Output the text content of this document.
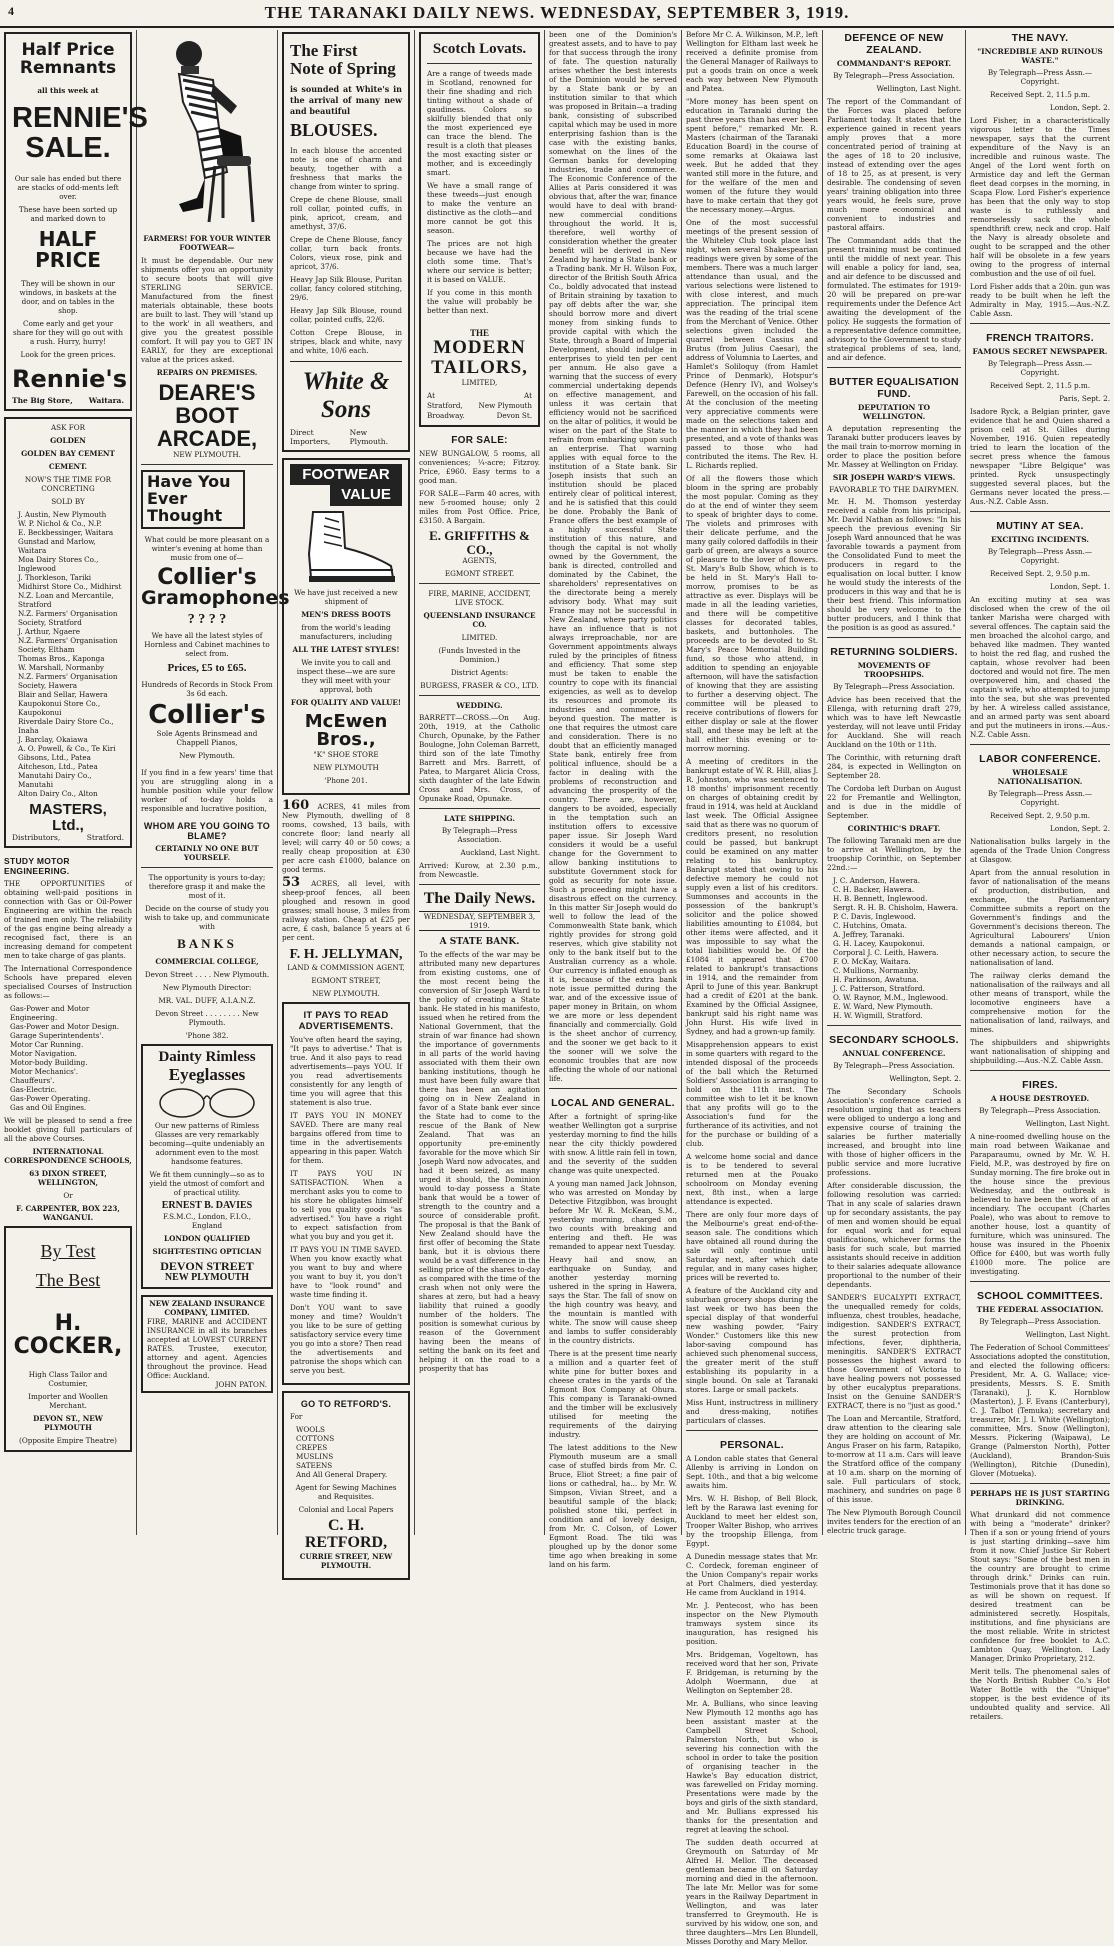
4	THE TARANAKI DAILY NEWS. WEDNESDAY, SEPTEMBER 3, 1919.
Half Price
Remnants
all this week at
RENNIE'S
SALE.

Our sale has ended but there are stacks of odd-ments left over.

These have been sorted up and marked down to

HALF PRICE

They will be shown in our windows, in baskets at the door, and on tables in the shop.

Come early and get your share for they will go out with a rush. Hurry, hurry!

Look for the green prices.

Rennie's
The Big Store, Waitara.
ASK FOR
GOLDEN
GOLDEN BAY CEMENT
CEMENT.
NOW'S THE TIME FOR CONCRETING
SOLD BY
J. Austin, New Plymouth
W. P. Nichol & Co., N.P.
E. Beckbessinger, Waitara
Gunstad and Marlow, Waitara
Moa Dairy Stores Co., Inglewood
J. Thorkleson, Tariki
Midhirst Store Co., Midhirst
N.Z. Loan and Mercantile, Stratford
N.Z. Farmers' Organisation Society, Stratford
J. Arthur, Ngaere
N.Z. Farmers' Organisation Society, Eltham
Thomas Bros., Kaponga
W. Marshall, Normanby
N.Z. Farmers' Organisation Society, Hawera
Blair and Sellar, Hawera
Kaupokonui Store Co., Kaupokonui
Riverdale Dairy Store Co., Inaha
J. Barclay, Okaiawa
A. O. Powell, & Co., Te Kiri
Gibsons, Ltd., Patea
Aitcheson, Ltd., Patea
Manutahi Dairy Co., Manutahi
Alton Dairy Co., Alton
MASTERS, Ltd.,
Distributors,	Stratford.
STUDY MOTOR ENGINEERING.

THE OPPORTUNITIES of obtaining well-paid positions in connection with Gas or Oil-Power Engineering are within the reach of trained men only. The reliability of the gas engine being already a recognised fact, there is an increasing demand for competent men to take charge of gas plants.

The International Correspondence Schools have prepared eleven specialised Courses of Instruction as follows:—

Gas-Power and Motor Engineering.
Gas-Power and Motor Design.
Garage Superintendents'.
Motor Car Running.
Motor Navigation.
Motor-body Building.
Motor Mechanics'.
Chauffeurs'.
Gas-Electric.
Gas-Power Operating.
Gas and Oil Engines.

We will be pleased to send a free booklet giving full particulars of all the above Courses.

INTERNATIONAL CORRESPONDENCE SCHOOLS,
63 DIXON STREET, WELLINGTON,
Or
F. CARPENTER, BOX 223, WANGANUI.
By Test
The Best
H. COCKER,
High Class Tailor and Costumier,
Importer and Woollen Merchant.
DEVON ST., NEW PLYMOUTH
(Opposite Empire Theatre)
FARMERS! FOR YOUR WINTER FOOTWEAR—

It must be dependable. Our new shipments offer you an opportunity to secure boots that will give STERLING SERVICE. Manufactured from the finest materials obtainable, these boots are built to last. They will 'stand up to the work' in all weathers, and give you the greatest possible comfort. It will pay you to GET IN EARLY, for they are exceptional value at the prices asked.

REPAIRS ON PREMISES.
DEARE'S
BOOT
ARCADE,
NEW PLYMOUTH.
Have You
Ever Thought

What could be more pleasant on a winter's evening at home than music from one of—

Collier's
Gramophones
? ? ? ?

We have all the latest styles of Hornless and Cabinet machines to select from.

Prices, £5 to £65.

Hundreds of Records in Stock From 3s 6d each.

Collier's

Sole Agents Brinsmead and Chappell Pianos,

New Plymouth.

If you find in a few years' time that you are struggling along in a humble position while your fellow worker of to-day holds a responsible and lucrative position,

WHOM ARE YOU GOING TO BLAME?
CERTAINLY NO ONE BUT YOURSELF.

The opportunity is yours to-day; therefore grasp it and make the most of it.

Decide on the course of study you wish to take up, and communicate with

BANKS
COMMERCIAL COLLEGE,
Devon Street . . . . New Plymouth.
New Plymouth Director:
MR. VAL. DUFF, A.I.A.N.Z.
Devon Street . . . . . . . . New Plymouth.
'Phone 382.
Dainty Rimless
Eyeglasses

Our new patterns of Rimless Glasses are very remarkably becoming—quite undeniably an adornment even to the most handsome features.

We fit them cunningly—so as to yield the utmost of comfort and of practical utility.

ERNEST B. DAVIES
F.S.M.C., London, F.I.O., England
LONDON QUALIFIED
SIGHT-TESTING OPTICIAN
DEVON STREET
NEW PLYMOUTH
NEW ZEALAND INSURANCE COMPANY, LIMITED.

FIRE, MARINE and ACCIDENT INSURANCE in all its branches accepted at LOWEST CURRENT RATES. Trustee, executor, attorney and agent. Agencies throughout the province. Head Office: Auckland.

JOHN PATON.
The First
Note of Spring

is sounded at White's in the arrival of many new and beautiful

BLOUSES.

In each blouse the accented note is one of charm and beauty, together with a freshness that marks the change from winter to spring.

Crepe de chene Blouse, small roll collar, pointed cuffs, in pink, apricot, cream, and amethyst, 37/6.
Crepe de Chene Blouse, fancy collar, turn back fronts. Colors, vieux rose, pink and apricot, 37/6.
Heavy Jap Silk Blouse, Puritan collar, fancy colored stitching, 29/6.
Heavy Jap Silk Blouse, round collar, pointed cuffs, 22/6.
Cotton Crepe Blouse, in stripes, black and white, navy and white, 10/6 each.
White & Sons
Direct Importers,
New Plymouth.
FOOTWEAR
VALUE

We have just received a new shipment of

MEN'S DRESS BOOTS

from the world's leading manufacturers, including

ALL THE LATEST STYLES!

We invite you to call and inspect these—we are sure they will meet with your approval, both

FOR QUALITY AND VALUE!
McEwen Bros.,
"K" SHOE STORE
NEW PLYMOUTH
'Phone 201.

160 ACRES, 41 miles from New Plymouth, dwelling of 8 rooms, cowshed, 13 bails, with concrete floor; land nearly all level; will carry 40 or 50 cows; a really cheap proposition at £30 per acre cash £1000, balance on good terms.

53 ACRES, all level, with sheep-proof fences, all been ploughed and resown in good grasses; small house, 3 miles from railway station. Cheap at £25 per acre, £ cash, balance 5 years at 6 per cent.

F. H. JELLYMAN,
LAND & COMMISSION AGENT,
EGMONT STREET,
NEW PLYMOUTH.
IT PAYS TO READ ADVERTISEMENTS.

You've often heard the saying, "It pays to advertise." That is true. And it also pays to read advertisements—pays YOU. If you read advertisements consistently for any length of time you will agree that this statement is also true.

IT PAYS YOU IN MONEY SAVED. There are many real bargains offered from time to time in the advertisements appearing in this paper. Watch for them.

IT PAYS YOU IN SATISFACTION. When a merchant asks you to come to his store he obligates himself to sell you quality goods "as advertised." You have a right to expect satisfaction from what you buy and you get it.

IT PAYS YOU IN TIME SAVED. When you know exactly what you want to buy and where you want to buy it, you don't have to "look round" and waste time finding it.

Don't YOU want to save money and time? Wouldn't you like to be sure of getting satisfactory service every time you go into a store? Then read the advertisements and patronise the shops which can serve you best.

GO TO RETFORD'S.
For
WOOLS
COTTONS
CREPES
MUSLINS
SATEENS
And All General Drapery.
Agent for Sewing Machines and Requisites.
Colonial and Local Papers
C. H. RETFORD,
CURRIE STREET, NEW PLYMOUTH.
Scotch Lovats.

Are a range of tweeds made in Scotland, renowned for their fine shading and rich tinting without a shade of gaudiness. Colors so skilfully blended that only the most experienced eye can trace the blend. The result is a cloth that pleases the most exacting sister or mother, and is exceedingly smart.

We have a small range of these tweeds—just enough to make the venture an distinctive as the cloth—and more cannot be got this season.

The prices are not high because we have had the cloth some time. That's where our service is better; it is based on VALUE.

If you come in this month the value will probably be better than next.

THE
MODERN
TAILORS,
LIMITED,
At
Stratford,
Broadway.
At
New Plymouth
Devon St.
FOR SALE:

NEW BUNGALOW, 5 rooms, all conveniences; ¼-acre; Fitzroy. Price, £960. Easy terms to a good man.

FOR SALE—Farm 40 acres, with new 5-roomed house; only 2 miles from Post Office. Price, £3150. A Bargain.

E. GRIFFITHS & CO.,
AGENTS,
EGMONT STREET.
FIRE, MARINE, ACCIDENT, LIVE STOCK.
QUEENSLAND INSURANCE CO.
LIMITED.
(Funds Invested in the Dominion.)
District Agents:
BURGESS, FRASER & CO., LTD.
WEDDING.

BARRETT—CROSS.—On Aug. 20th, 1919, at the Catholic Church, Opunake, by the Father Boulogne, John Coleman Barrett, third son of the late Timothy Barrett and Mrs. Barrett, of Patea, to Margaret Alicia Cross, sixth daughter of the late Edwin Cross and Mrs. Cross, of Opunake Road, Opunake.

LATE SHIPPING.
By Telegraph—Press Association.
Auckland, Last Night.

Arrived: Kurow, at 2.30 p.m., from Newcastle.

The Daily News.
WEDNESDAY, SEPTEMBER 3, 1919.
A STATE BANK.

To the effects of the war may be attributed many new departures from existing customs, one of the most recent being the conversion of Sir Joseph Ward to the policy of creating a State bank. He stated in his manifesto, issued when he retired from the National Government, that the strain of war finance had shown the importance of governments in all parts of the world having associated with them their own banking institutions, though he must have been fully aware that there has been an agitation going on in New Zealand in favor of a State bank ever since the State had to come to the rescue of the Bank of New Zealand. That was an opportunity pre-eminently favorable for the move which Sir Joseph Ward now advocates, and had it been seized, as many urged it should, the Dominion would to-day possess a State bank that would be a tower of strength to the country and a source of considerable profit. The proposal is that the Bank of New Zealand should have the first offer of becoming the State bank, but it is obvious there would be a vast difference in the selling price of the shares to-day as compared with the time of the crash when not only were the shares at zero, but had a heavy liability that ruined a goodly number of the holders. The position is somewhat curious by reason of the Government having been the means of setting the bank on its feet and helping it on the road to a prosperity that has

been one of the Dominion's greatest assets, and to have to pay for that success through the irony of fate. The question naturally arises whether the best interests of the Dominion would be served by a State bank or by an institution similar to that which was proposed in Britain—a trading bank, consisting of subscribed capital which may be used in more enterprising fashion than is the case with the existing banks, somewhat on the lines of the German banks for developing industries, trade and commerce. The Economic Conference of the Allies at Paris considered it was obvious that, after the war, finance would have to deal with brand-new commercial conditions throughout the world. It is, therefore, well worthy of consideration whether the greater benefit will be derived in New Zealand by having a State bank or a Trading bank. Mr H. Wilson Fox, director of the British South Africa Co., boldly advocated that instead of Britain straining by taxation to pay off debts after the war, she should borrow more and divert money from sinking funds to provide capital with which the State, through a Board of Imperial Development, should indulge in enterprises to yield ten per cent per annum. He also gave a warning that the success of every commercial undertaking depends on effective management, and unless it was certain that efficiency would not be sacrificed on the altar of politics, it would be wiser on the part of the State to refrain from embarking upon such an enterprise. That warning applies with equal force to the institution of a State bank. Sir Joseph insists that such an institution should be placed entirely clear of political interest, and he is satisfied that this could be done. Probably the Bank of France offers the best example of a highly successful State institution of this nature, and though the capital is not wholly owned by the Government, the bank is directed, controlled and dominated by the Cabinet, the shareholders' representatives on the directorate being a merely advisory body. What may suit France may not be successful in New Zealand, where party politics have an influence that is not always irreproachable, nor are Government appointments always ruled by the principles of fitness and efficiency. That some step must be taken to enable the country to cope with its financial exigencies, as well as to develop its resources and promote its industries and commerce, is beyond question. The matter is one that requires the utmost care and consideration. There is no doubt that an efficiently managed State bank, entirely free from political influence, should be a factor in dealing with the problems of reconstruction and advancing the prosperity of the country. There are, however, dangers to be avoided, especially in the temptation such an institution offers to excessive paper issue. Sir Joseph Ward considers it would be a useful change for the Government to allow banking institutions to substitute Government stock for gold as security for note issue. Such a proceeding might have a disastrous effect on the currency. In this matter Sir Joseph would do well to follow the lead of the Commonwealth State bank, which rightly provides for strong gold reserves, which give stability not only to the bank itself but to the Australian currency as a whole. Our currency is inflated enough as it is, because of the extra bank note issue permitted during the war, and of the excessive issue of paper money in Britain, on whom we are more or less dependent financially and commercially. Gold is the sheet anchor of currency, and the sooner we get back to it the sooner will we solve the economic troubles that are now affecting the whole of our national life.

LOCAL AND GENERAL.

After a fortnight of spring-like weather Wellington got a surprise yesterday morning to find the hills near the city thickly powdered with snow. A little rain fell in town, and the severity of the sudden change was quite unexpected.

A young man named Jack Johnson, who was arrested on Monday by Detective Fitzgibbon, was brought before Mr W. R. McKean, S.M., yesterday morning, charged on two counts with breaking and entering and theft. He was remanded to appear next Tuesday.

Heavy hail and snow, an earthquake on Sunday, and another yesterday morning ushered in the spring in Hawera, says the Star. The fall of snow on the high country was heavy, and the mountain is mantled with white. The snow will cause sheep and lambs to suffer considerably in the country districts.

There is at the present time nearly a million and a quarter feet of white pine for butter boxes and cheese crates in the yards of the Egmont Box Company at Ohura. This company is Taranaki-owned and the timber will be exclusively utilised for meeting the requirements of the dairying industry.

The latest additions to the New Plymouth museum are a small case of stuffed birds from Mr. C. Bruce, Eliot Street; a fine pair of lions or cathedral, ha... by Mr. W. Simpson, Vivian Street, and a beautiful sample of the black; polished stone tiki, perfect in condition and of lovely design, from Mr. C. Colson, of Lower Egmont Road. The tiki was ploughed up by the donor some time ago when breaking in some land on his farm.

Before Mr C. A. Wilkinson, M.P., left Wellington for Eltham last week he received a definite promise from the General Manager of Railways to put a goods train on once a week each way between New Plymouth and Patea.

"More money has been spent on education in Taranaki during the past three years than has ever been spent before," remarked Mr. R. Masters (chairman of the Taranaki Education Board) in the course of some remarks at Okaiawa last week. But he added that they wanted still more in the future, and for the welfare of the men and women of the future they would have to make certain that they got the necessary money.—Argus.

One of the most successful meetings of the present session of the Whiteley Club took place last night, when several Shakespearian readings were given by some of the members. There was a much larger attendance than usual, and the various selections were listened to with close interest, and much appreciation. The principal item was the reading of the trial scene from the Merchant of Venice. Other selections given included the quarrel between Cassius and Brutus (from Julius Caesar), the address of Volumnia to Laertes, and Hamlet's Soliloquy (from Hamlet Prince of Denmark), Hotspur's Defence (Henry IV), and Wolsey's Farewell, on the occasion of his fall. At the conclusion of the meeting very appreciative comments were made on the selections taken and the manner in which they had been presented, and a vote of thanks was passed to those who had contributed the items. The Rev. H. L. Richards replied.

Of all the flowers those which bloom in the spring are probably the most popular. Coming as they do at the end of winter they seem to speak of brighter days to come. The violets and primroses with their delicate perfume, and the many gaily colored daffodils in their garb of green, are always a source of pleasure to the lover of flowers. St. Mary's Bulb Show, which is to be held in St. Mary's Hall to-morrow, promises to be as attractive as ever. Displays will be made in all the leading varieties, and there will be competitive classes for decorated tables, baskets, and buttonholes. The proceeds are to be devoted to St. Mary's Peace Memorial Building fund, so those who attend, in addition to spending an enjoyable afternoon, will have the satisfaction of knowing that they are assisting to further a deserving object. The committee will be pleased to receive contributions of flowers for either display or sale at the flower stall, and these may be left at the hall either this evening or to-morrow morning.

A meeting of creditors in the bankrupt estate of W. R. Hill, alias J. R. Johnston, who was sentenced to 18 months' imprisonment recently on charges of obtaining credit by fraud in 1914, was held at Auckland last week. The Official Assignee said that as there was no quorum of creditors present, no resolution could be passed, but bankrupt could be examined on any matter relating to his bankruptcy. Bankrupt stated that owing to his defective memory he could not supply even a list of his creditors. Summonses and accounts in the possession of the bankrupt's solicitor and the police showed liabilities amounting to £1084, but other items were affected, and it was impossible to say what the total liabilities would be. Of the £1084 it appeared that £700 related to bankrupt's transactions in 1914, and the remainder from April to June of this year. Bankrupt had a credit of £201 at the bank. Examined by the Official Assignee, bankrupt said his right name was John Hurst. His wife lived in Sydney, and had a grown-up family.

Misapprehension appears to exist in some quarters with regard to the intended disposal of the proceeds of the ball which the Returned Soldiers' Association is arranging to hold on the 11th inst. The committee wish to let it be known that any profits will go to the Association's fund for the furtherance of its activities, and not for the purchase or building of a club.

A welcome home social and dance is to be tendered to several returned men at the Pouako schoolroom on Monday evening next, 8th inst., when a large attendance is expected.

There are only four more days of the Melbourne's great end-of-the-season sale. The conditions which have obtained all round during the sale will only continue until Saturday next, after which date regular, and in many cases higher, prices will be reverted to.

A feature of the Auckland city and suburban grocery shops during the last week or two has been the special display of that wonderful new washing powder, "Fairy Wonder." Customers like this new labor-saving compound has achieved such phenomenal success, the greater merit of the stuff establishing its popularity in a single bound. On sale at Taranaki stores. Large or small packets.

Miss Hunt, instructress in millinery and dress-making, notifies particulars of classes.

PERSONAL.

A London cable states that General Allenby is arriving in London on Sept. 10th., and that a big welcome awaits him.

Mrs. W. H. Bishop, of Bell Block, left by the Rarawa last evening for Auckland to meet her eldest son, Trooper Walter Bishop, who arrives by the troopship Ellenga, from Egypt.

A Dunedin message states that Mr. C. Cordeck, foreman engineer of the Union Company's repair works at Port Chalmers, died yesterday. He came from Auckland in 1914.

Mr. J. Pentecost, who has been inspector on the New Plymouth tramways system since its inauguration, has resigned his position.

Mrs. Bridgeman, Vogeltown, has received word that her son, Private F. Bridgeman, is returning by the Adolph Woermann, due at Wellington on September 28.

Mr. A. Bullians, who since leaving New Plymouth 12 months ago has been assistant master at the Campbell Street School, Palmerston North, but who is severing his connection with the school in order to take the position of organising teacher in the Hawke's Bay education district, was farewelled on Friday morning. Presentations were made by the boys and girls of the sixth standard, and Mr. Bullians expressed his thanks for the presentation and regret at leaving the school.

The sudden death occurred at Greymouth on Saturday of Mr Alfred H. Mellor. The deceased gentleman became ill on Saturday morning and died in the afternoon. The late Mr. Mellor was for some years in the Railway Department in Wellington, and was later transferred to Greymouth. He is survived by his widow, one son, and three daughters—Mrs Len Blundell, Misses Dorothy and Mary Mellor.

DEFENCE OF NEW ZEALAND.
COMMANDANT'S REPORT.
By Telegraph—Press Association.
Wellington, Last Night.

The report of the Commandant of the Forces was placed before Parliament today. It states that the experience gained in recent years amply proves that a more concentrated period of training at the ages of 18 to 20 inclusive, instead of extending over the ages of 18 to 25, as at present, is very desirable. The condensing of seven years' training obligation into three years would, he feels sure, prove much more economical and convenient to industries and pastoral affairs.

The Commandant adds that the present training must be continued until the middle of next year. This will enable a policy for land, sea, and air defence to be discussed and formulated. The estimates for 1919-20 will be prepared on pre-war requirements under the Defence Act awaiting the development of the policy. He suggests the formation of a representative defence committee, advisory to the Government to study strategical problems of sea, land, and air defence.

BUTTER EQUALISATION FUND.
DEPUTATION TO WELLINGTON.

A deputation representing the Taranaki butter producers leaves by the mail train to-morrow morning in order to place the position before Mr. Massey at Wellington on Friday.

SIR JOSEPH WARD'S VIEWS.
FAVORABLE TO THE DAIRYMEN.

Mr. H. M. Thomson yesterday received a cable from his principal, Mr. David Nathan as follows: "In his speech the previous evening Sir Joseph Ward announced that he was favorable towards a payment from the Consolidated Fund to meet the producers in regard to the equalisation on local butter. I know he would study the interests of the producers in this way and that he is their best friend. This information should be very welcome to the butter producers, and I think that the position is as good as assured."

RETURNING SOLDIERS.
MOVEMENTS OF TROOPSHIPS.
By Telegraph—Press Association.

Advice has been received that the Ellenga, with returning draft 279, which was to have left Newcastle yesterday, will not leave until Friday for Auckland. She will reach Auckland on the 10th or 11th.

The Corinthic, with returning draft 284, is expected in Wellington on September 28.

The Cordoba left Durban on August 22 for Fremantle and Wellington, and is due in the middle of September.

CORINTHIC'S DRAFT.

The following Taranaki men are due to arrive at Wellington, by the troopship Corinthic, on September 22nd.:—

J. C. Anderson, Hawera.
C. H. Backer, Hawera.
H. B. Bennett, Inglewood.
Sergt. R. H. B. Chisholm, Hawera.
P. C. Davis, Inglewood.
C. Hutchins, Omata.
A. Jeffrey, Taranaki.
G. H. Lacey, Kaupokonui.
Corporal J. C. Leith, Hawera.
F. O. McKay, Waitara.
C. Mullions, Normanby.
H. Parkinson, Awatuna.
J. C. Patterson, Stratford.
O. W. Raynor, M.M., Inglewood.
E. W. Ward, New Plymouth.
H. W. Wigmill, Stratford.
SECONDARY SCHOOLS.
ANNUAL CONFERENCE.
By Telegraph—Press Association.
Wellington, Sept. 2.

The Secondary Schools Association's conference carried a resolution urging that as teachers were obliged to undergo a long and expensive course of training the salaries be further materially increased, and brought into line with those of higher officers in the public service and more lucrative professions.

After considerable discussion, the following resolution was carried: That in any scale of salaries drawn up for secondary assistants, the pay of men and women should be equal for equal work and for equal qualifications, whichever forms the basis for such scale, but married assistants should receive in addition to their salaries adequate allowance proportional to the number of their dependants.

SANDER'S EUCALYPTI EXTRACT, the unequalled remedy for colds, influenza, chest troubles, headache, indigestion. SANDER'S EXTRACT, the surest protection from infections, fever, diphtheria, meningitis. SANDER'S EXTRACT possesses the highest award to those Government of Victoria to have healing powers not possessed by other eucalyptus preparations. Insist on the Genuine SANDER'S EXTRACT, there is no "just as good."

The Loan and Mercantile, Stratford, draw attention to the clearing sale they are holding on account of Mr. Angus Fraser on his farm, Ratapiko, to-morrow at 11 a.m. Cars will leave the Stratford office of the company at 10 a.m. sharp on the morning of sale. Full particulars of stock, machinery, and sundries on page 8 of this issue.

The New Plymouth Borough Council invites tenders for the erection of an electric truck garage.

THE NAVY.
"INCREDIBLE AND RUINOUS WASTE."
By Telegraph—Press Assn.—Copyright.
Received Sept. 2, 11.5 p.m.
London, Sept. 2.

Lord Fisher, in a characteristically vigorous letter to the Times newspaper, says that the current expenditure of the Navy is an incredible and ruinous waste. The Angel of the Lord went forth on Armistice day and left the German fleet dead corpses in the morning, in Scapa Flow. Lord Fisher's experience has been that the only way to stop waste is to ruthlessly and remorselessly sack the whole spendthrift crew, neck and crop. Half the Navy is already obsolete and ought to be scrapped and the other half will be obsolete in a few years owing to the progress of internal combustion and the use of oil fuel.

Lord Fisher adds that a 20in. gun was ready to be built when he left the Admiralty in May, 1915.—Aus.-N.Z. Cable Assn.

FRENCH TRAITORS.
FAMOUS SECRET NEWSPAPER.
By Telegraph—Press Assn.—Copyright.
Received Sept. 2, 11.5 p.m.
Paris, Sept. 2.

Isadore Ryck, a Belgian printer, gave evidence that he and Quien shared a prison cell at St. Gilles during November, 1916. Quien repeatedly tried to learn the location of the secret press whence the famous newspaper "Libre Belgique" was printed. Ryck unsuspectingly suggested several places, but the Germans never located the press.—Aus.-N.Z. Cable Assn.

MUTINY AT SEA.
EXCITING INCIDENTS.
By Telegraph—Press Assn.—Copyright.
Received Sept. 2, 9.50 p.m.
London, Sept. 1.

An exciting mutiny at sea was disclosed when the crew of the oil tanker Marisha were charged with several offences. The captain said the men broached the alcohol cargo, and behaved like madmen. They wanted to hoist the red flag, and rushed the captain, whose revolver had been doctored and would not fire. The men overpowered him, and chased the captain's wife, who attempted to jump into the sea, but she was prevented by her. A wireless called assistance, and an armed party was sent aboard and put the mutineers in irons.—Aus.-N.Z. Cable Assn.

LABOR CONFERENCE.
WHOLESALE NATIONALISATION.
By Telegraph—Press Assn.—Copyright.
Received Sept. 2, 9.50 p.m.
London, Sept. 2.

Nationalisation bulks largely in the agenda of the Trade Union Congress at Glasgow.

Apart from the annual resolution in favor of nationalisation of the means of production, distribution, and exchange, the Parliamentary Committee submits a report on the Government's findings and the Government's decisions thereon. The Agricultural Labourers' Union demands a national campaign, or other necessary action, to secure the nationalisation of land.

The railway clerks demand the nationalisation of the railways and all other means of transport, while the locomotive engineers have a comprehensive motion for the nationalisation of land, railways, and mines.

The shipbuilders and shipwrights want nationalisation of shipping and shipbuilding.—Aus.-N.Z. Cable Assn.

FIRES.
A HOUSE DESTROYED.
By Telegraph—Press Association.
Wellington, Last Night.

A nine-roomed dwelling house on the main road between Waikanae and Paraparaumu, owned by Mr. W. H. Field, M.P., was destroyed by fire on Sunday morning. The fire broke out in the house since the previous Wednesday, and the outbreak is believed to have been the work of an incendiary. The occupant (Charles Poale), who was about to remove to another house, lost a quantity of furniture, which was uninsured. The house was insured in the Phoenix Office for £400, but was worth fully £1000 more. The police are investigating.

SCHOOL COMMITTEES.
THE FEDERAL ASSOCIATION.
By Telegraph—Press Association.
Wellington, Last Night.

The Federation of School Committees' Associations adopted the constitution, and elected the following officers: President, Mr. A. G. Wallace; vice-presidents, Messrs. S. E. Smith (Taranaki), J. K. Hornblow (Masterton), J. F. Evans (Canterbury), C. J. Talbot (Temuka); secretary and treasurer, Mr. J. I. White (Wellington); committee, Mrs. Snow (Wellington), Messrs. Pickering (Waipawa), Le Grange (Palmerston North), Potter (Auckland), Brandon-Suis (Wellington), Ritchie (Dunedin), Glover (Motueka).

PERHAPS HE IS JUST STARTING DRINKING.

What drunkard did not commence with being a "moderate" drinker? Then if a son or young friend of yours is just starting drinking—save him from it now. Chief Justice Sir Robert Stout says: "Some of the best men in the country are brought to crime through drink." Drinks can ruin. Testimonials prove that it has done so as will be shown on request. If desired treatment can be administered secretly. Hospitals, institutions, and fine physicians are the most reliable. Write in strictest confidence for free booklet to A.C. Lambton Quay, Wellington. Lady Manager, Drinko Proprietary, 212.

Merit tells. The phenomenal sales of the North British Rubber Co.'s Hot Water Bottle with the "Unique" stopper, is the best evidence of its undoubted quality and service. All retailers.
